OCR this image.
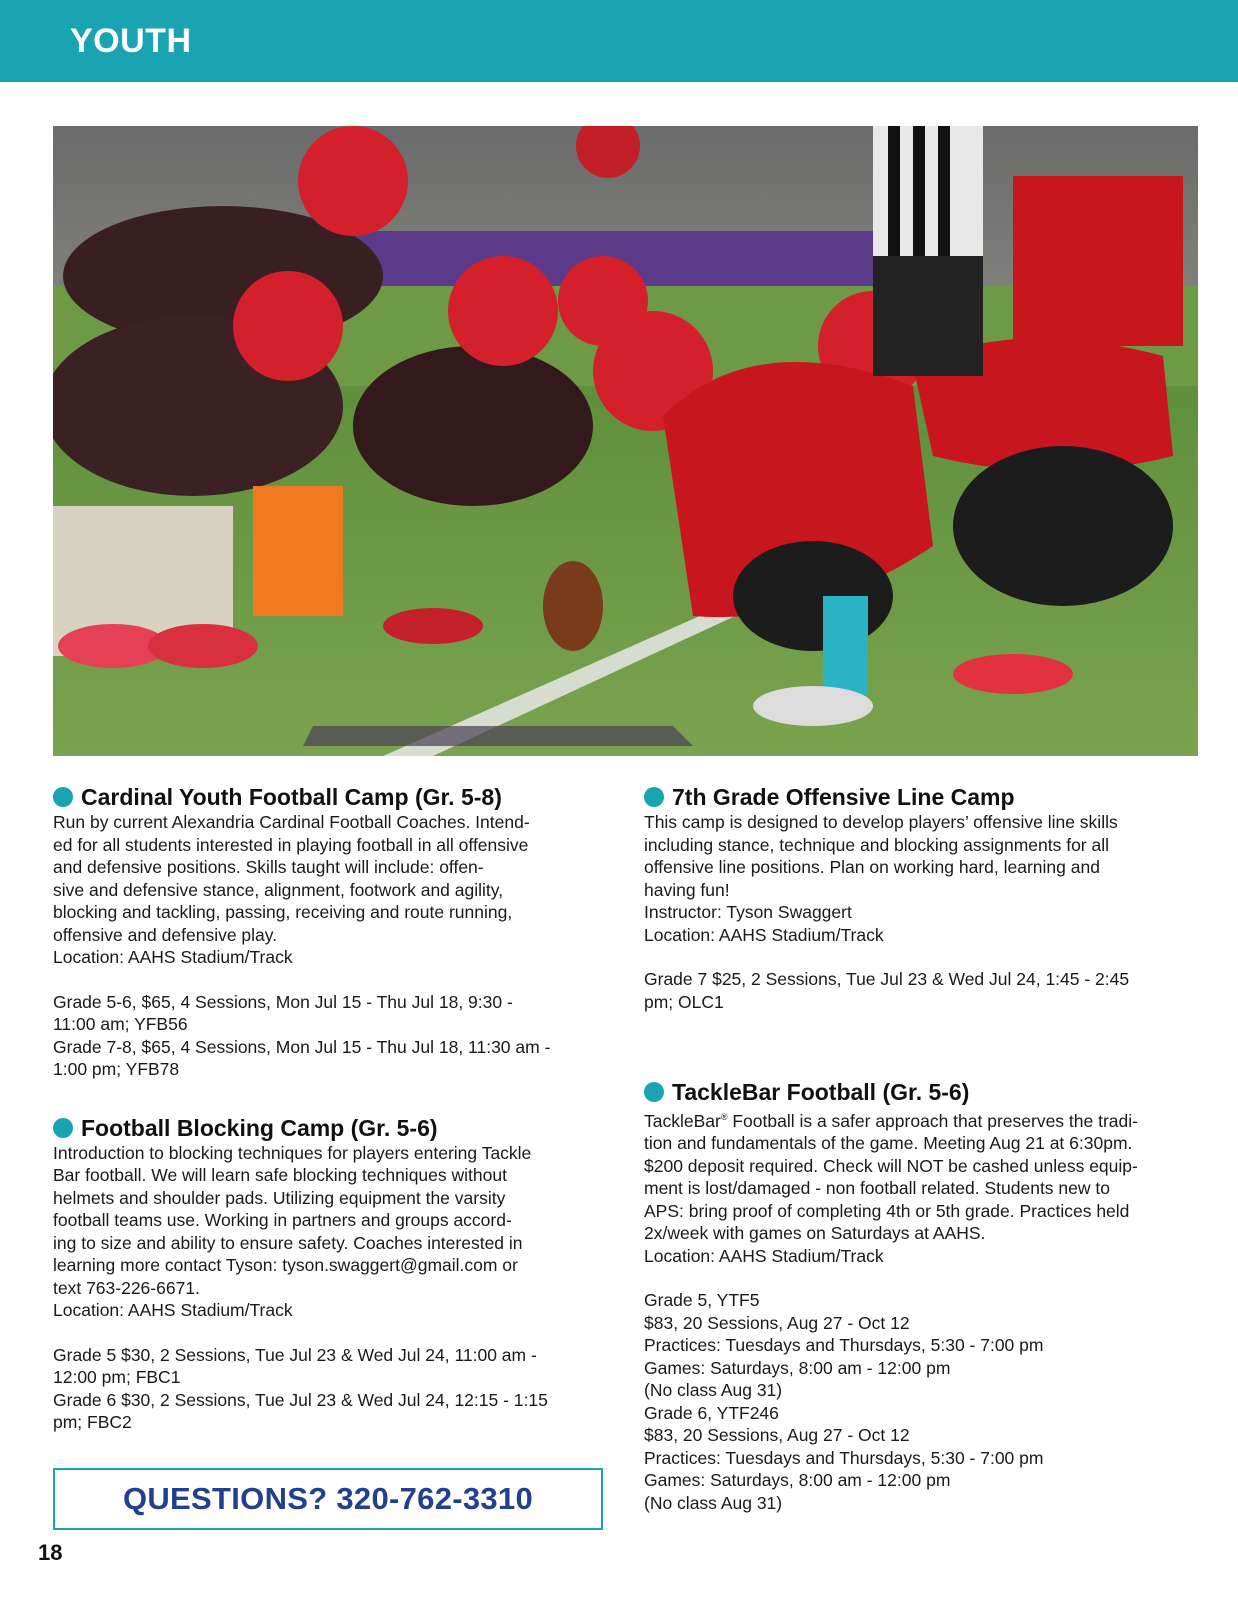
YOUTH
Cardinal Youth Football Camp (Gr. 5-8)

Run by current Alexandria Cardinal Football Coaches. Intend-
ed for all students interested in playing football in all offensive
and defensive positions. Skills taught will include: offen-
sive and defensive stance, alignment, footwork and agility,
blocking and tackling, passing, receiving and route running,
offensive and defensive play.
Location: AAHS Stadium/Track

Grade 5-6, $65, 4 Sessions, Mon Jul 15 - Thu Jul 18, 9:30 -
11:00 am; YFB56
Grade 7-8, $65, 4 Sessions, Mon Jul 15 - Thu Jul 18, 11:30 am -
1:00 pm; YFB78

Football Blocking Camp (Gr. 5-6)

Introduction to blocking techniques for players entering Tackle
Bar football. We will learn safe blocking techniques without
helmets and shoulder pads. Utilizing equipment the varsity
football teams use. Working in partners and groups accord-
ing to size and ability to ensure safety. Coaches interested in
learning more contact Tyson: tyson.swaggert@gmail.com or
text 763-226-6671.
Location: AAHS Stadium/Track

Grade 5 $30, 2 Sessions, Tue Jul 23 & Wed Jul 24, 11:00 am -
12:00 pm; FBC1
Grade 6 $30, 2 Sessions, Tue Jul 23 & Wed Jul 24, 12:15 - 1:15
pm; FBC2

7th Grade Offensive Line Camp

This camp is designed to develop players’ offensive line skills
including stance, technique and blocking assignments for all
offensive line positions. Plan on working hard, learning and
having fun!
Instructor: Tyson Swaggert
Location: AAHS Stadium/Track

Grade 7 $25, 2 Sessions, Tue Jul 23 & Wed Jul 24, 1:45 - 2:45
pm; OLC1

TackleBar Football (Gr. 5-6)

TackleBar® Football is a safer approach that preserves the tradi-
tion and fundamentals of the game. Meeting Aug 21 at 6:30pm.
$200 deposit required. Check will NOT be cashed unless equip-
ment is lost/damaged - non football related. Students new to
APS: bring proof of completing 4th or 5th grade. Practices held
2x/week with games on Saturdays at AAHS.
Location: AAHS Stadium/Track

Grade 5, YTF5
$83, 20 Sessions, Aug 27 - Oct 12
Practices: Tuesdays and Thursdays, 5:30 - 7:00 pm
Games: Saturdays, 8:00 am - 12:00 pm
(No class Aug 31)
Grade 6, YTF246
$83, 20 Sessions, Aug 27 - Oct 12
Practices: Tuesdays and Thursdays, 5:30 - 7:00 pm
Games: Saturdays, 8:00 am - 12:00 pm
(No class Aug 31)

QUESTIONS? 320-762-3310
18
